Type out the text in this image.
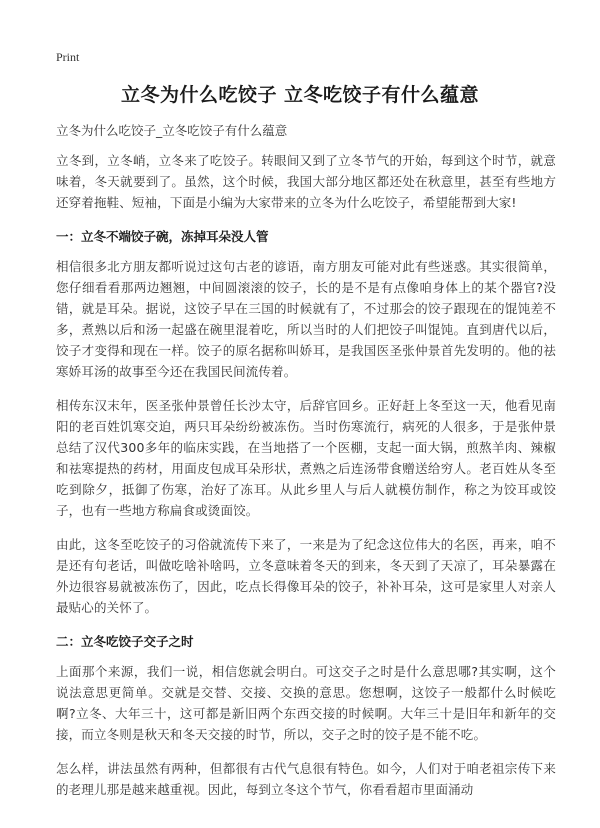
Print
立冬为什么吃饺子 立冬吃饺子有什么蕴意
立冬为什么吃饺子_立冬吃饺子有什么蕴意

立冬到，立冬峭，立冬来了吃饺子。转眼间又到了立冬节气的开始，每到这个时节，就意味着，冬天就要到了。虽然，这个时候，我国大部分地区都还处在秋意里，甚至有些地方还穿着拖鞋、短袖，下面是小编为大家带来的立冬为什么吃饺子，希望能帮到大家!

一：立冬不端饺子碗，冻掉耳朵没人管

相信很多北方朋友都听说过这句古老的谚语，南方朋友可能对此有些迷惑。其实很简单，您仔细看看那两边翘翘，中间圆滚滚的饺子，长的是不是有点像咱身体上的某个器官?没错，就是耳朵。据说，这饺子早在三国的时候就有了，不过那会的饺子跟现在的馄饨差不多，煮熟以后和汤一起盛在碗里混着吃，所以当时的人们把饺子叫馄饨。直到唐代以后，饺子才变得和现在一样。饺子的原名据称叫娇耳，是我国医圣张仲景首先发明的。他的祛寒娇耳汤的故事至今还在我国民间流传着。

相传东汉末年，医圣张仲景曾任长沙太守，后辞官回乡。正好赶上冬至这一天，他看见南阳的老百姓饥寒交迫，两只耳朵纷纷被冻伤。当时伤寒流行，病死的人很多，于是张仲景总结了汉代300多年的临床实践，在当地搭了一个医棚，支起一面大锅，煎熬羊肉、辣椒和祛寒提热的药材，用面皮包成耳朵形状，煮熟之后连汤带食赠送给穷人。老百姓从冬至吃到除夕，抵御了伤寒，治好了冻耳。从此乡里人与后人就模仿制作，称之为饺耳或饺子，也有一些地方称扁食或烫面饺。

由此，这冬至吃饺子的习俗就流传下来了，一来是为了纪念这位伟大的名医，再来，咱不是还有句老话，叫做吃啥补啥吗，立冬意味着冬天的到来，冬天到了天凉了，耳朵暴露在外边很容易就被冻伤了，因此，吃点长得像耳朵的饺子，补补耳朵，这可是家里人对亲人最贴心的关怀了。

二：立冬吃饺子交子之时

上面那个来源，我们一说，相信您就会明白。可这交子之时是什么意思哪?其实啊，这个说法意思更简单。交就是交替、交接、交换的意思。您想啊，这饺子一般都什么时候吃啊?立冬、大年三十，这可都是新旧两个东西交接的时候啊。大年三十是旧年和新年的交接，而立冬则是秋天和冬天交接的时节，所以，交子之时的饺子是不能不吃。

怎么样，讲法虽然有两种，但都很有古代气息很有特色。如今，人们对于咱老祖宗传下来的老理儿那是越来越重视。因此，每到立冬这个节气，你看看超市里面涌动
